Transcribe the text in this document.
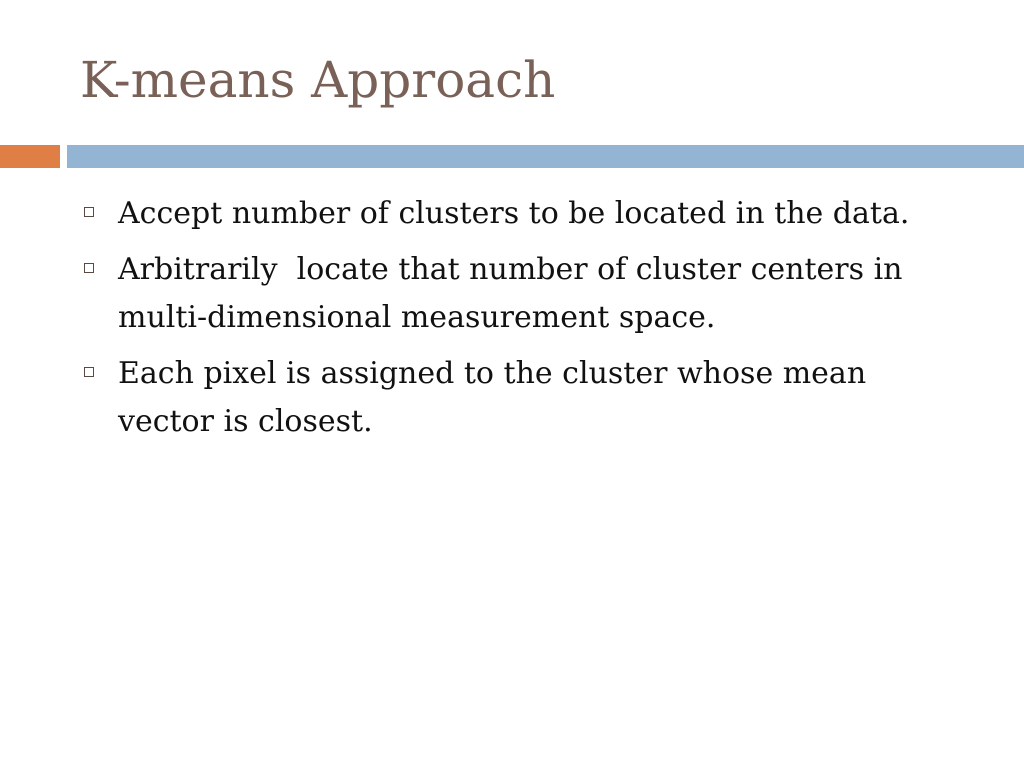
K-means Approach
Accept number of clusters to be located in the data.
Arbitrarily  locate that number of cluster centers in multi-dimensional measurement space.
Each pixel is assigned to the cluster whose mean vector is closest.
